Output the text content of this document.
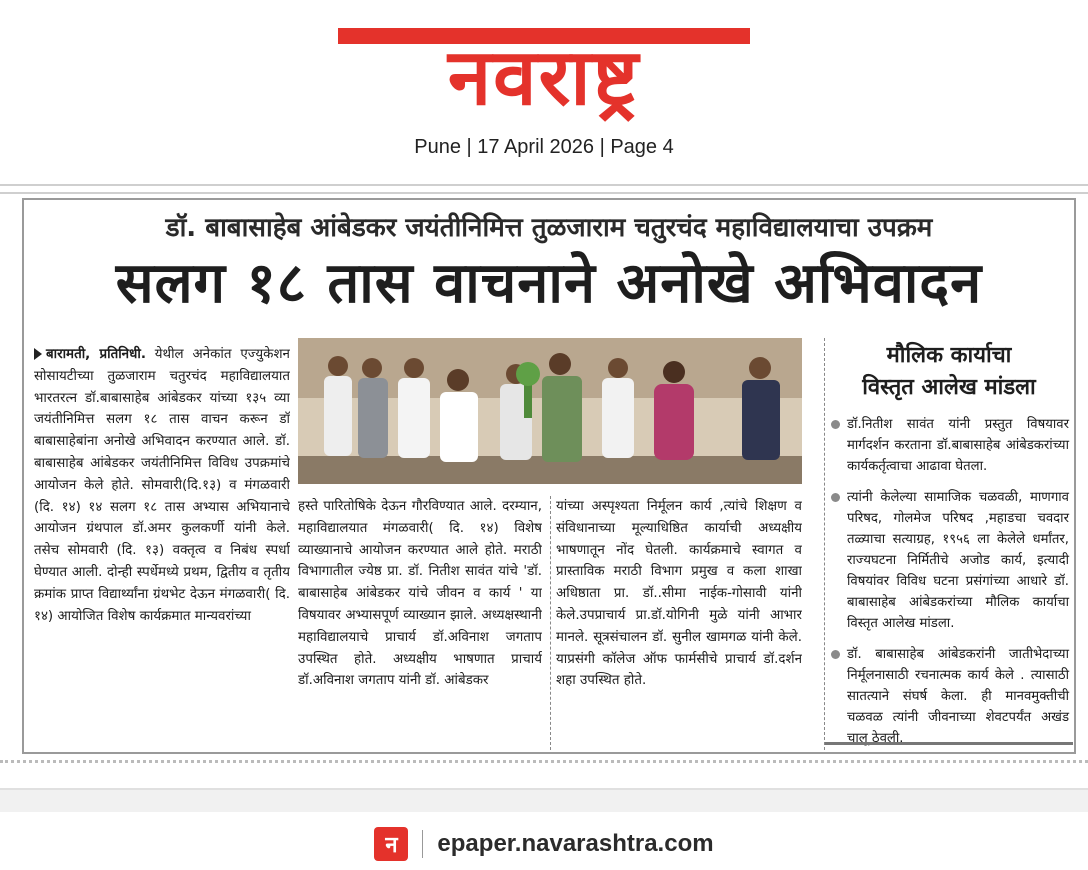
नवराष्ट्र
Pune | 17 April 2026 | Page 4
डॉ. बाबासाहेब आंबेडकर जयंतीनिमित्त तुळजाराम चतुरचंद महाविद्यालयाचा उपक्रम
सलग १८ तास वाचनाने अनोखे अभिवादन
बारामती, प्रतिनिधी. येथील अनेकांत एज्युकेशन सोसायटीच्या तुळजाराम चतुरचंद महाविद्यालयात भारतरत्न डॉ.बाबासाहेब आंबेडकर यांच्या १३५ व्या जयंतीनिमित्त सलग १८ तास वाचन करून डॉ बाबासाहेबांना अनोखे अभिवादन करण्यात आले. डॉ. बाबासाहेब आंबेडकर जयंतीनिमित्त विविध उपक्रमांचे आयोजन केले होते. सोमवारी(दि.१३) व मंगळवारी (दि. १४) १४ सलग १८ तास अभ्यास अभियानाचे आयोजन ग्रंथपाल डॉ.अमर कुलकर्णी यांनी केले. तसेच सोमवारी (दि. १३) वक्तृत्व व निबंध स्पर्धा घेण्यात आली. दोन्ही स्पर्धेमध्ये प्रथम, द्वितीय व तृतीय क्रमांक प्राप्त विद्यार्थ्यांना ग्रंथभेट देऊन मंगळवारी( दि. १४) आयोजित विशेष कार्यक्रमात मान्यवरांच्या
हस्ते पारितोषिके देऊन गौरविण्यात आले. दरम्यान, महाविद्यालयात मंगळवारी( दि. १४) विशेष व्याख्यानाचे आयोजन करण्यात आले होते. मराठी विभागातील ज्येष्ठ प्रा. डॉ. नितीश सावंत यांचे 'डॉ. बाबासाहेब आंबेडकर यांचे जीवन व कार्य ' या विषयावर अभ्यासपूर्ण व्याख्यान झाले. अध्यक्षस्थानी महाविद्यालयाचे प्राचार्य डॉ.अविनाश जगताप उपस्थित होते. अध्यक्षीय भाषणात प्राचार्य डॉ.अविनाश जगताप यांनी डॉ. आंबेडकर
यांच्या अस्पृश्यता निर्मूलन कार्य ,त्यांचे शिक्षण व संविधानाच्या मूल्याधिष्ठित कार्याची अध्यक्षीय भाषणातून नोंद घेतली. कार्यक्रमाचे स्वागत व प्रास्ताविक मराठी विभाग प्रमुख व कला शाखा अधिष्ठाता प्रा. डॉ..सीमा नाईक-गोसावी यांनी केले.उपप्राचार्य प्रा.डॉ.योगिनी मुळे यांनी आभार मानले. सूत्रसंचालन डॉ. सुनील खामगळ यांनी केले. याप्रसंगी कॉलेज ऑफ फार्मसीचे प्राचार्य डॉ.दर्शन शहा उपस्थित होते.
मौलिक कार्याचा
विस्तृत आलेख मांडला
डॉ.नितीश सावंत यांनी प्रस्तुत विषयावर मार्गदर्शन करताना डॉ.बाबासाहेब आंबेडकरांच्या कार्यकर्तृत्वाचा आढावा घेतला.
त्यांनी केलेल्या सामाजिक चळवळी, माणगाव परिषद, गोलमेज परिषद ,महाडचा चवदार तळ्याचा सत्याग्रह, १९५६ ला केलेले धर्मांतर, राज्यघटना निर्मितीचे अजोड कार्य, इत्यादी विषयांवर विविध घटना प्रसंगांच्या आधारे डॉ. बाबासाहेब आंबेडकरांच्या मौलिक कार्याचा विस्तृत आलेख मांडला.
डॉ. बाबासाहेब आंबेडकरांनी जातीभेदाच्या निर्मूलनासाठी रचनात्मक कार्य केले . त्यासाठी सातत्याने संघर्ष केला. ही मानवमुक्तीची चळवळ त्यांनी जीवनाच्या शेवटपर्यंत अखंड चालू ठेवली.
न	epaper.navarashtra.com
